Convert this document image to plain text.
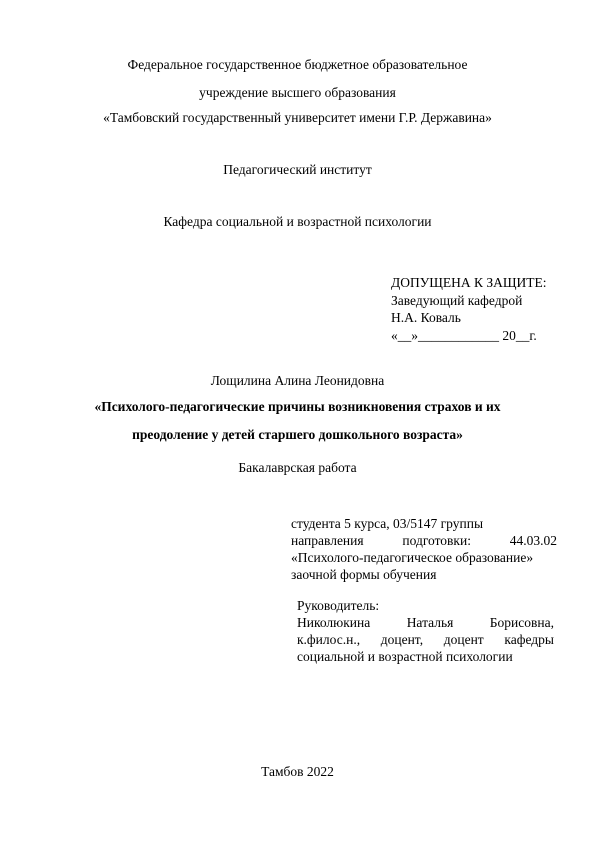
Федеральное государственное бюджетное образовательное
учреждение высшего образования
«Тамбовский государственный университет имени Г.Р. Державина»
Педагогический институт
Кафедра социальной и возрастной психологии
ДОПУЩЕНА К ЗАЩИТЕ:
Заведующий кафедрой
Н.А. Коваль
«__»____________ 20__г.
Лощилина Алина Леонидовна
«Психолого-педагогические причины возникновения страхов и их
преодоление у детей старшего дошкольного возраста»
Бакалаврская работа
студента 5 курса, 03/5147 группы
направления	подготовки:	44.03.02
«Психолого-педагогическое образование»
заочной формы обучения
Руководитель:
Николюкина	Наталья	Борисовна,
к.филос.н., доцент, доцент кафедры
социальной и возрастной психологии
Тамбов 2022
